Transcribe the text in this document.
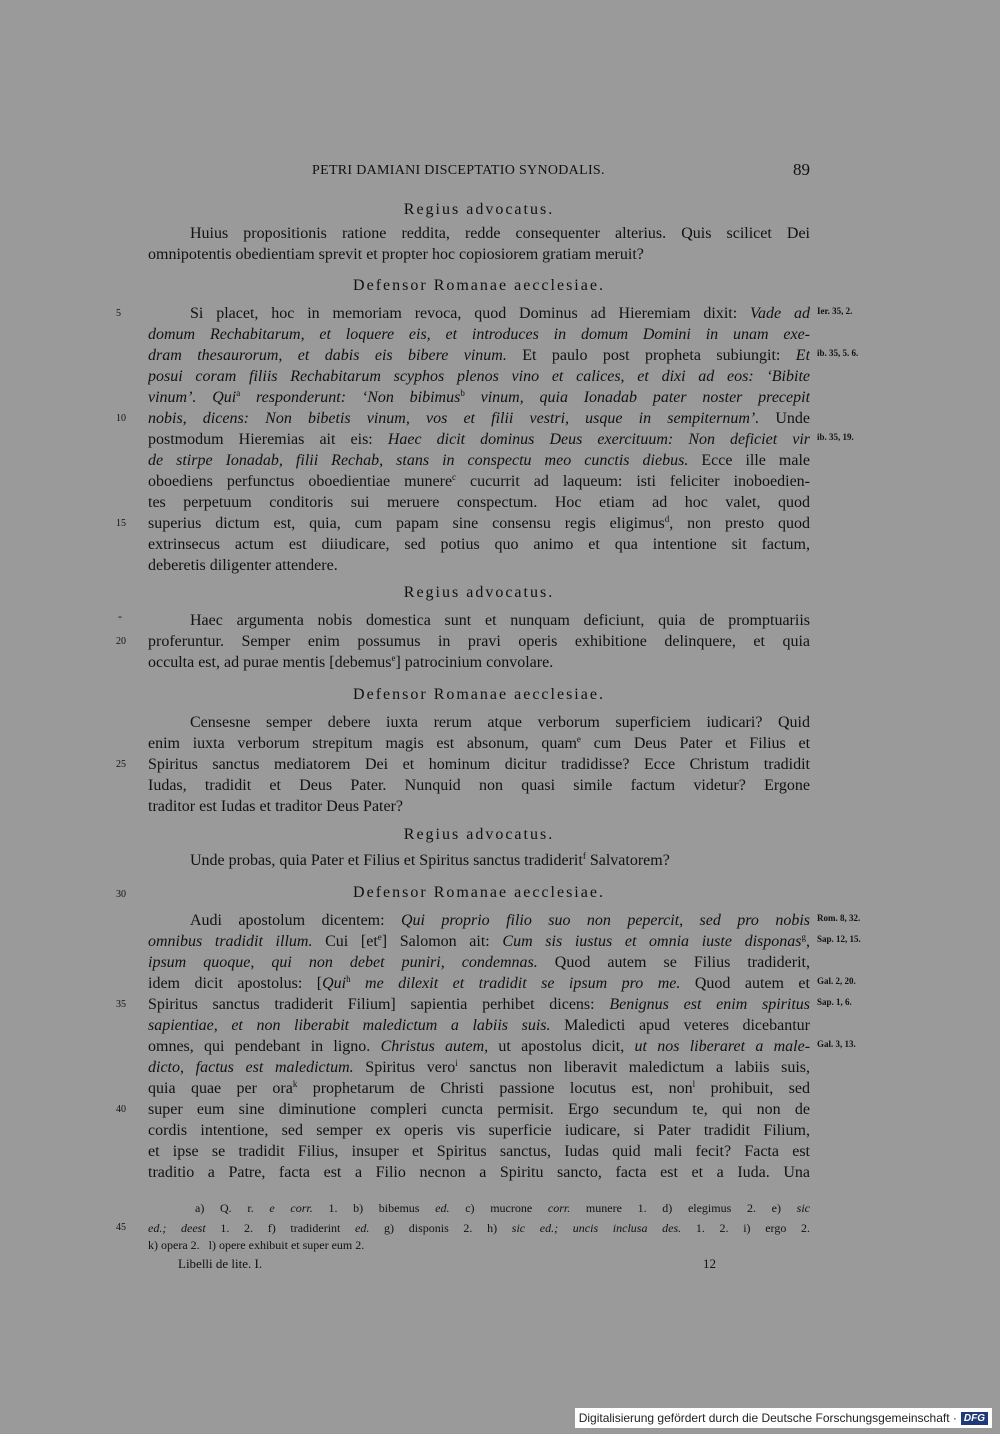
PETRI DAMIANI DISCEPTATIO SYNODALIS.	89
Regius advocatus.
Huius propositionis ratione reddita, redde consequenter alterius. Quis scilicet Dei
omnipotentis obedientiam sprevit et propter hoc copiosiorem gratiam meruit?
Defensor Romanae aecclesiae.
5	Si placet, hoc in memoriam revoca, quod Dominus ad Hieremiam dixit: Vade ad Ier. 35, 2.
domum Rechabitarum, et loquere eis, et introduces in domum Domini in unam exe-
dram thesaurorum, et dabis eis bibere vinum. Et paulo post propheta subiungit: Et ib. 35, 5. 6.
posui coram filiis Rechabitarum scyphos plenos vino et calices, et dixi ad eos: ‘Bibite
vinum’. Qui$^a$ responderunt: ‘Non bibimus$^b$ vinum, quia Ionadab pater noster precepit
10	nobis, dicens: Non bibetis vinum, vos et filii vestri, usque in sempiternum’. Unde
postmodum Hieremias ait eis: Haec dicit dominus Deus exercituum: Non deficiet vir ib. 35, 19.
de stirpe Ionadab, filii Rechab, stans in conspectu meo cunctis diebus. Ecce ille male
oboediens perfunctus oboedientiae munere$^c$ cucurrit ad laqueum: isti feliciter inoboedien-
tes perpetuum conditoris sui meruere conspectum. Hoc etiam ad hoc valet, quod
15	superius dictum est, quia, cum papam sine consensu regis eligimus$^d$, non presto quod
extrinsecus actum est diiudicare, sed potius quo animo et qua intentione sit factum,
deberetis diligenter attendere.
Regius advocatus.
-	Haec argumenta nobis domestica sunt et nunquam deficiunt, quia de promptuariis
20	proferuntur. Semper enim possumus in pravi operis exhibitione delinquere, et quia
occulta est, ad purae mentis [debemus$^e$] patrocinium convolare.
Defensor Romanae aecclesiae.
Censesne semper debere iuxta rerum atque verborum superficiem iudicari? Quid
enim iuxta verborum strepitum magis est absonum, quam$^e$ cum Deus Pater et Filius et
25	Spiritus sanctus mediatorem Dei et hominum dicitur tradidisse? Ecce Christum tradidit
Iudas, tradidit et Deus Pater. Nunquid non quasi simile factum videtur? Ergone
traditor est Iudas et traditor Deus Pater?
Regius advocatus.
Unde probas, quia Pater et Filius et Spiritus sanctus tradiderit$^f$ Salvatorem?
30	Defensor Romanae aecclesiae.
Audi apostolum dicentem: Qui proprio filio suo non pepercit, sed pro nobis Rom. 8, 32.
omnibus tradidit illum. Cui $[et^e]$ Salomon ait: Cum sis iustus et omnia iuste disponas$^g$, Sap. 12, 15.
ipsum quoque, qui non debet puniri, condemnas. Quod autem se Filius tradiderit,
idem dicit apostolus: [Qui$^h$ me dilexit et tradidit se ipsum pro me. Quod autem et Gal. 2, 20.
35	Spiritus sanctus tradiderit Filium] sapientia perhibet dicens: Benignus est enim spiritus Sap. 1, 6.
sapientiae, et non liberabit maledictum a labiis suis. Maledicti apud veteres dicebantur
omnes, qui pendebant in ligno. Christus autem, ut apostolus dicit, ut nos liberaret a male- Gal. 3, 13.
dicto, factus est maledictum. Spiritus vero$^i$ sanctus non liberavit maledictum a labiis suis,
quia quae per ora$^k$ prophetarum de Christi passione locutus est, non$^l$ prohibuit, sed
40	super eum sine diminutione compleri cuncta permisit. Ergo secundum te, qui non de
cordis intentione, sed semper ex operis vis superficie iudicare, si Pater tradidit Filium,
et ipse se tradidit Filius, insuper et Spiritus sanctus, Iudas quid mali fecit? Facta est
traditio a Patre, facta est a Filio necnon a Spiritu sancto, facta est et a Iuda. Una
a) Q. r. e corr. 1. b) bibemus ed. c) mucrone corr. munere 1. d) elegimus 2. e) sic
45 ed.; deest 1. 2. f) tradiderint ed. g) disponis 2. h) sic ed.; uncis inclusa des. 1. 2. i) ergo 2.
k) opera 2.   l) opere exhibuit et super eum 2.
Libelli de lite. I.	12
Digitalisierung gefördert durch die Deutsche Forschungsgemeinschaft · DFG
